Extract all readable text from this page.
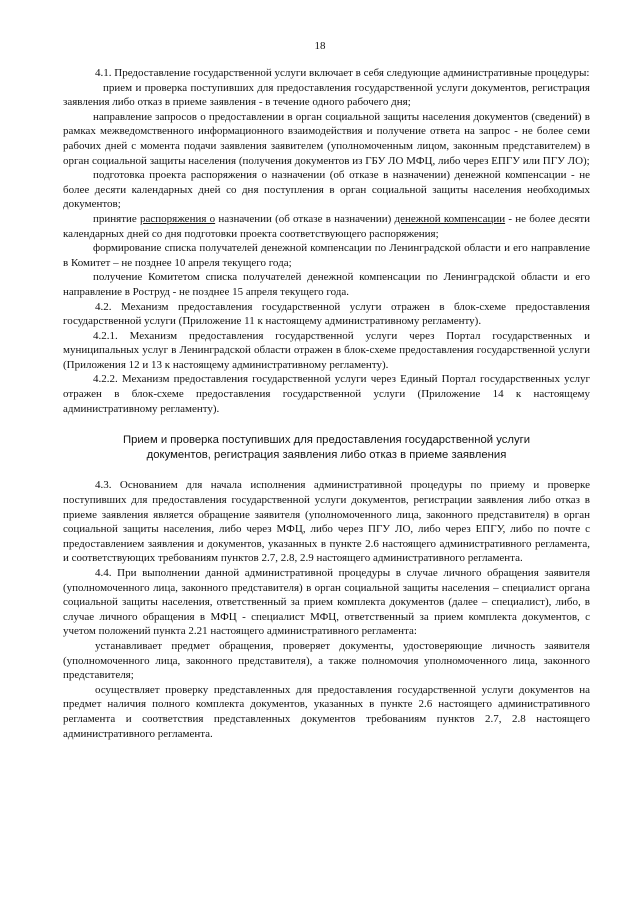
18

4.1. Предоставление государственной услуги включает в себя следующие административные процедуры:

прием и проверка поступивших для предоставления государственной услуги документов, регистрация заявления либо отказ в приеме заявления - в течение одного рабочего дня;

направление запросов о предоставлении в орган социальной защиты населения документов (сведений) в рамках межведомственного информационного взаимодействия и получение ответа на запрос - не более семи рабочих дней с момента подачи заявления заявителем (уполномоченным лицом, законным представителем) в орган социальной защиты населения (получения документов из ГБУ ЛО МФЦ, либо через ЕПГУ или ПГУ ЛО);

подготовка проекта распоряжения о назначении (об отказе в назначении) денежной компенсации - не более десяти календарных дней со дня поступления в орган социальной защиты населения необходимых документов;

принятие распоряжения о назначении (об отказе в назначении) денежной компенсации - не более десяти календарных дней со дня подготовки проекта соответствующего распоряжения;

формирование списка получателей денежной компенсации по Ленинградской области и его направление в Комитет – не позднее 10 апреля текущего года;

получение Комитетом списка получателей денежной компенсации по Ленинградской области и его направление в Роструд - не позднее 15 апреля текущего года.

4.2. Механизм предоставления государственной услуги отражен в блок-схеме предоставления государственной услуги (Приложение 11 к настоящему административному регламенту).

4.2.1. Механизм предоставления государственной услуги через Портал государственных и муниципальных услуг в Ленинградской области отражен в блок-схеме предоставления государственной услуги (Приложения 12 и 13 к настоящему административному регламенту).

4.2.2. Механизм предоставления государственной услуги через Единый Портал государственных услуг отражен в блок-схеме предоставления государственной услуги (Приложение 14 к настоящему административному регламенту).

Прием и проверка поступивших для предоставления государственной услуги документов, регистрация заявления либо отказ в приеме заявления

4.3. Основанием для начала исполнения административной процедуры по приему и проверке поступивших для предоставления государственной услуги документов, регистрации заявления либо отказ в приеме заявления является обращение заявителя (уполномоченного лица, законного представителя) в орган социальной защиты населения, либо через МФЦ, либо через ПГУ ЛО, либо через ЕПГУ, либо по почте с предоставлением заявления и документов, указанных в пункте 2.6 настоящего административного регламента, и соответствующих требованиям пунктов 2.7, 2.8, 2.9 настоящего административного регламента.

4.4. При выполнении данной административной процедуры в случае личного обращения заявителя (уполномоченного лица, законного представителя) в орган социальной защиты населения – специалист органа социальной защиты населения, ответственный за прием комплекта документов (далее – специалист), либо, в случае личного обращения в МФЦ - специалист МФЦ, ответственный за прием комплекта документов, с учетом положений пункта 2.21 настоящего административного регламента:

устанавливает предмет обращения, проверяет документы, удостоверяющие личность заявителя (уполномоченного лица, законного представителя), а также полномочия уполномоченного лица, законного представителя;

осуществляет проверку представленных для предоставления государственной услуги документов на предмет наличия полного комплекта документов, указанных в пункте 2.6 настоящего административного регламента и соответствия представленных документов требованиям пунктов 2.7, 2.8 настоящего административного регламента.
